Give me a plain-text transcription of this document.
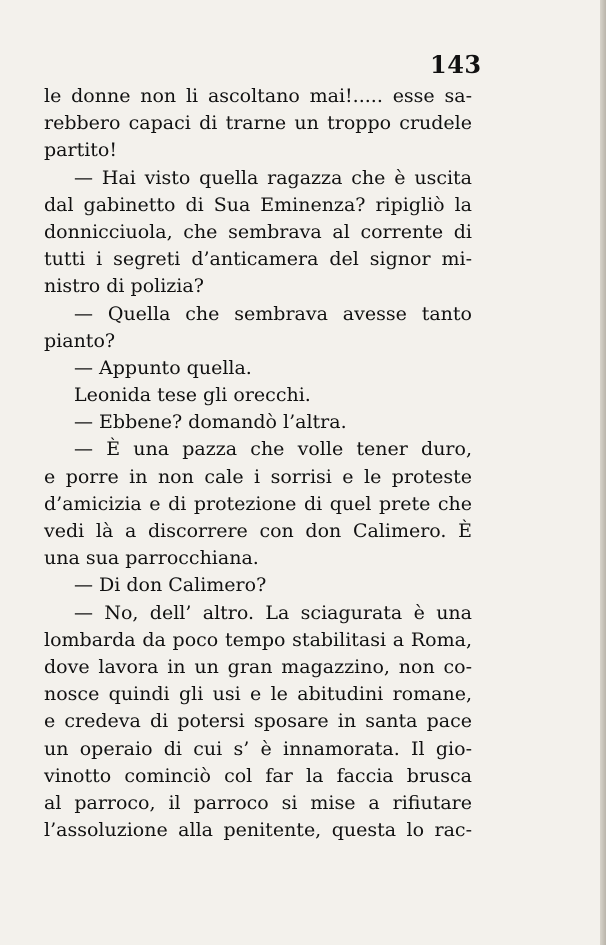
143
le donne non li ascoltano mai!..... esse sa-
rebbero capaci di trarne un troppo crudele
partito!
— Hai visto quella ragazza che è uscita
dal gabinetto di Sua Eminenza? ripigliò la
donnicciuola, che sembrava al corrente di
tutti i segreti d’anticamera del signor mi-
nistro di polizia?
— Quella che sembrava avesse tanto
pianto?
— Appunto quella.
Leonida tese gli orecchi.
— Ebbene? domandò l’altra.
— È una pazza che volle tener duro,
e porre in non cale i sorrisi e le proteste
d’amicizia e di protezione di quel prete che
vedi là a discorrere con don Calimero. È
una sua parrocchiana.
— Di don Calimero?
— No, dell’ altro. La sciagurata è una
lombarda da poco tempo stabilitasi a Roma,
dove lavora in un gran magazzino, non co-
nosce quindi gli usi e le abitudini romane,
e credeva di potersi sposare in santa pace
un operaio di cui s’ è innamorata. Il gio-
vinotto cominciò col far la faccia brusca
al parroco, il parroco si mise a rifiutare
l’assoluzione alla penitente, questa lo rac-
